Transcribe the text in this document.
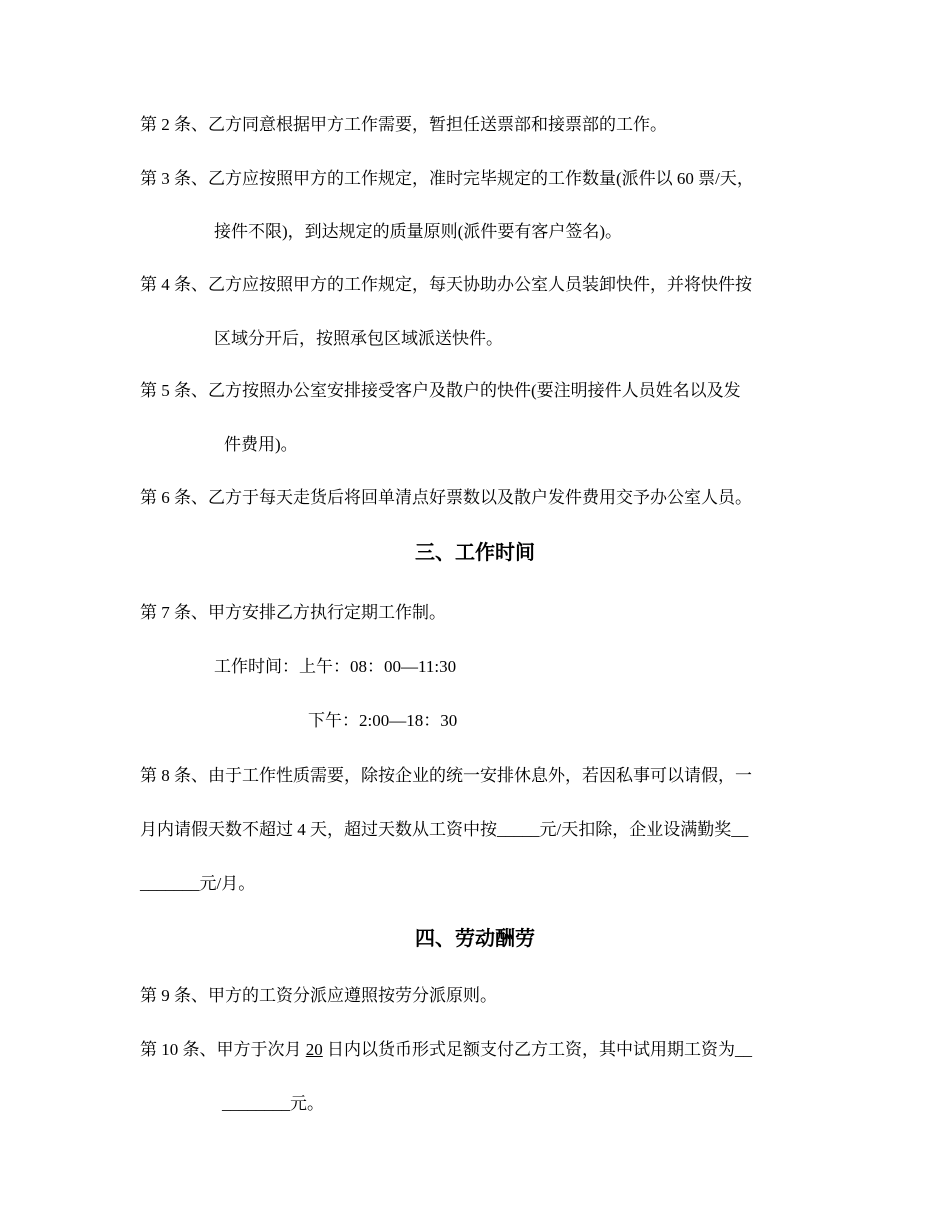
第 2 条、乙方同意根据甲方工作需要，暂担任送票部和接票部的工作。
第 3 条、乙方应按照甲方的工作规定，准时完毕规定的工作数量(派件以 60 票/天，
接件不限)，到达规定的质量原则(派件要有客户签名)。
第 4 条、乙方应按照甲方的工作规定，每天协助办公室人员装卸快件，并将快件按
区域分开后，按照承包区域派送快件。
第 5 条、乙方按照办公室安排接受客户及散户的快件(要注明接件人员姓名以及发
件费用)。
第 6 条、乙方于每天走货后将回单清点好票数以及散户发件费用交予办公室人员。
三、工作时间
第 7 条、甲方安排乙方执行定期工作制。
工作时间：上午：08：00—11:30
下午：2:00—18：30
第 8 条、由于工作性质需要，除按企业的统一安排休息外，若因私事可以请假，一
月内请假天数不超过 4 天，超过天数从工资中按_____元/天扣除，企业设满勤奖__
_______元/月。
四、劳动酬劳
第 9 条、甲方的工资分派应遵照按劳分派原则。
第 10 条、甲方于次月 20 日内以货币形式足额支付乙方工资，其中试用期工资为__
________元。
